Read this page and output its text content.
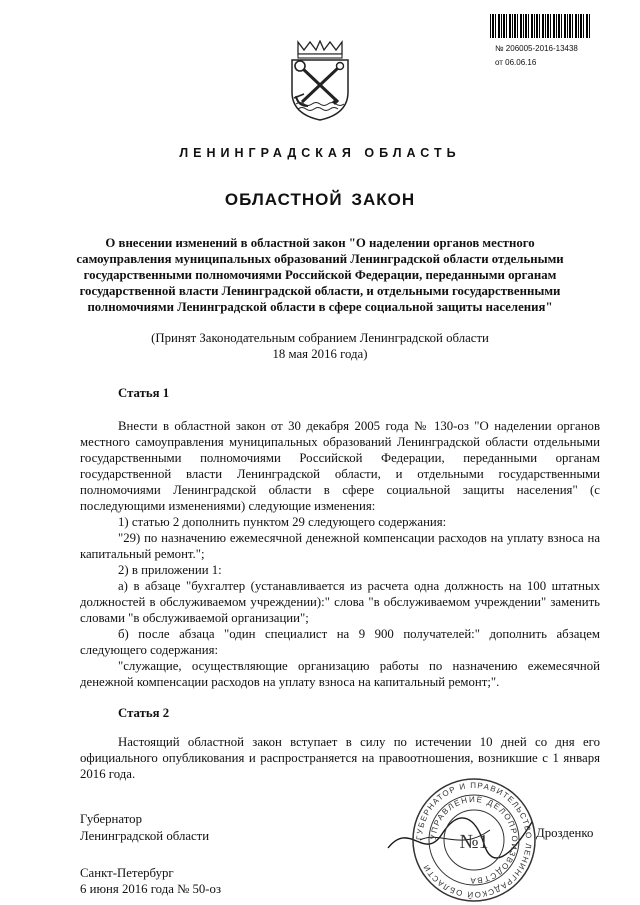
№ 206005-2016-13438
от 06.06.16
ЛЕНИНГРАДСКАЯ ОБЛАСТЬ
ОБЛАСТНОЙ ЗАКОН
О внесении изменений в областной закон "О наделении органов местного самоуправления муниципальных образований Ленинградской области отдельными государственными полномочиями Российской Федерации, переданными органам государственной власти Ленинградской области, и отдельными государственными полномочиями Ленинградской области в сфере социальной защиты населения"
(Принят Законодательным собранием Ленинградской области
18 мая 2016 года)
Статья 1

Внести в областной закон от 30 декабря 2005 года № 130-оз "О наделении органов местного самоуправления муниципальных образований Ленинградской области отдельными государственными полномочиями Российской Федерации, переданными органам государственной власти Ленинградской области, и отдельными государственными полномочиями Ленинградской области в сфере социальной защиты населения" (с последующими изменениями) следующие изменения:

1) статью 2 дополнить пунктом 29 следующего содержания:

"29) по назначению ежемесячной денежной компенсации расходов на уплату взноса на капитальный ремонт.";

2) в приложении 1:

а) в абзаце "бухгалтер (устанавливается из расчета одна должность на 100 штатных должностей в обслуживаемом учреждении):" слова "в обслуживаемом учреждении" заменить словами "в обслуживаемой организации";

б) после абзаца "один специалист на 9 900 получателей:" дополнить абзацем следующего содержания:

"служащие, осуществляющие организацию работы по назначению ежемесячной денежной компенсации расходов на уплату взноса на капитальный ремонт;".

Статья 2

Настоящий областной закон вступает в силу по истечении 10 дней со дня его официального опубликования и распространяется на правоотношения, возникшие с 1 января 2016 года.

Губернатор
Ленинградской области	ГУБЕРНАТОР И ПРАВИТЕЛЬСТВО ЛЕНИНГРАДСКОЙ ОБЛАСТИ
УПРАВЛЕНИЕ ДЕЛОПРОИЗВОДСТВА
№1	Дрозденко
Санкт-Петербург
6 июня 2016 года № 50-оз
